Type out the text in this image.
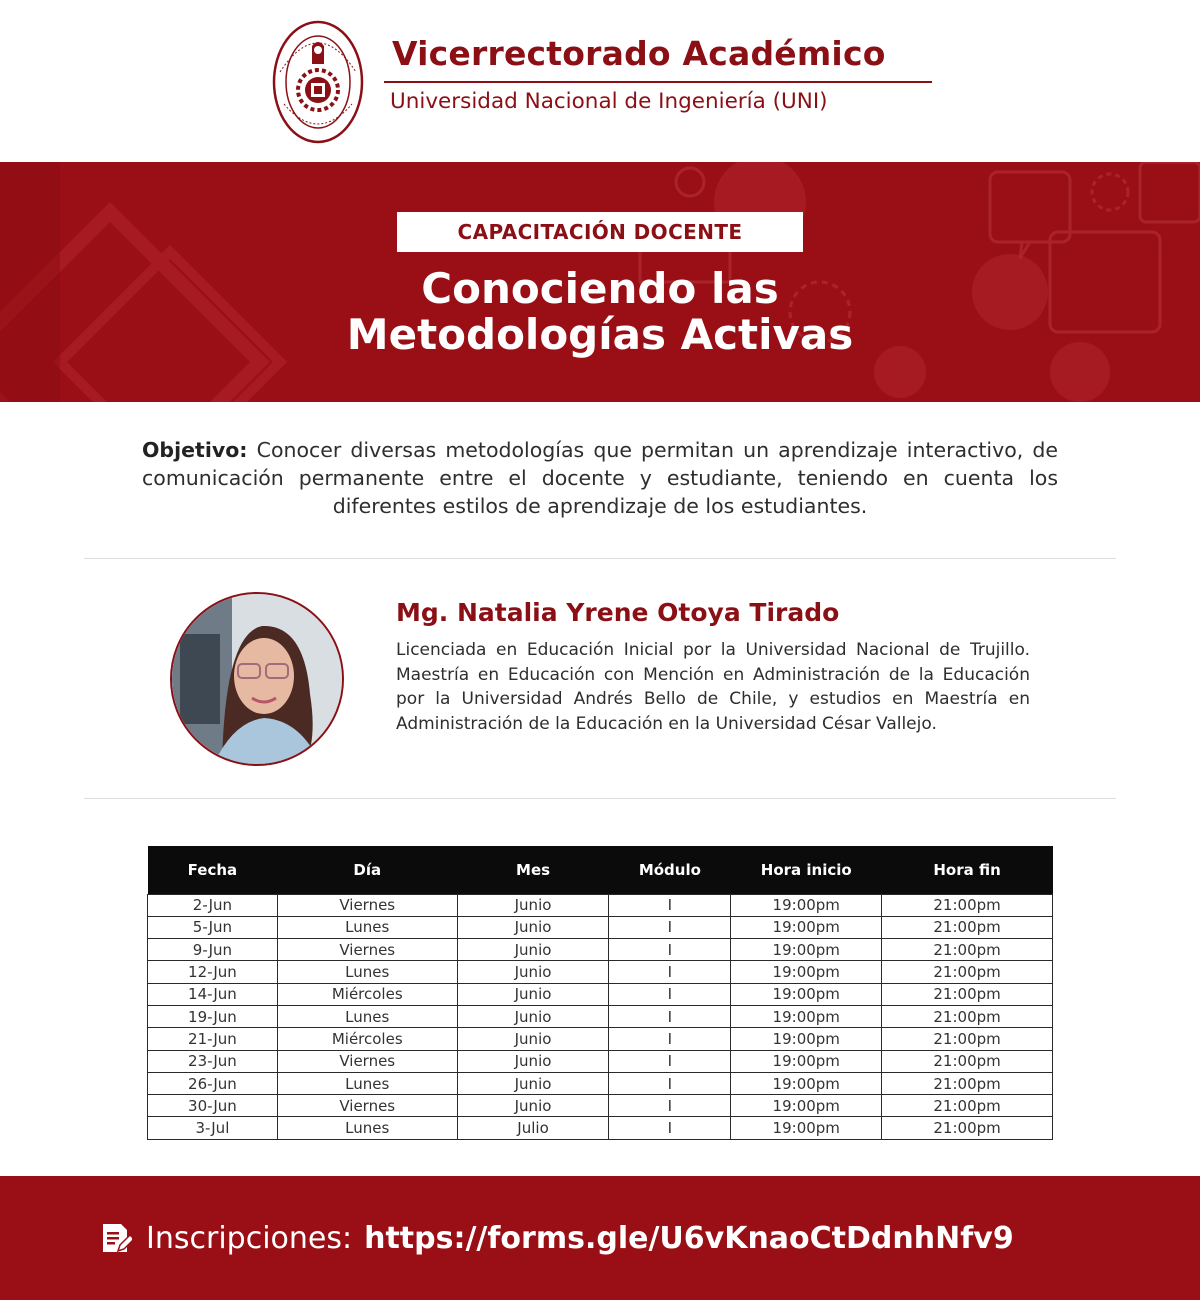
Vicerrectorado Académico
Universidad Nacional de Ingeniería (UNI)
CAPACITACIÓN DOCENTE
Conociendo las
Metodologías Activas

Objetivo: Conocer diversas metodologías que permitan un aprendizaje interactivo, de comunicación permanente entre el docente y estudiante, teniendo en cuenta los diferentes estilos de aprendizaje de los estudiantes.

Mg. Natalia Yrene Otoya Tirado

Licenciada en Educación Inicial por la Universidad Nacional de Trujillo. Maestría en Educación con Mención en Administración de la Educación por la Universidad Andrés Bello de Chile, y estudios en Maestría en Administración de la Educación en la Universidad César Vallejo.

Fecha	Día	Mes	Módulo	Hora inicio	Hora fin
2-Jun	Viernes	Junio	I	19:00pm	21:00pm
5-Jun	Lunes	Junio	I	19:00pm	21:00pm
9-Jun	Viernes	Junio	I	19:00pm	21:00pm
12-Jun	Lunes	Junio	I	19:00pm	21:00pm
14-Jun	Miércoles	Junio	I	19:00pm	21:00pm
19-Jun	Lunes	Junio	I	19:00pm	21:00pm
21-Jun	Miércoles	Junio	I	19:00pm	21:00pm
23-Jun	Viernes	Junio	I	19:00pm	21:00pm
26-Jun	Lunes	Junio	I	19:00pm	21:00pm
30-Jun	Viernes	Junio	I	19:00pm	21:00pm
3-Jul	Lunes	Julio	I	19:00pm	21:00pm
Inscripciones: https://forms.gle/U6vKnaoCtDdnhNfv9
